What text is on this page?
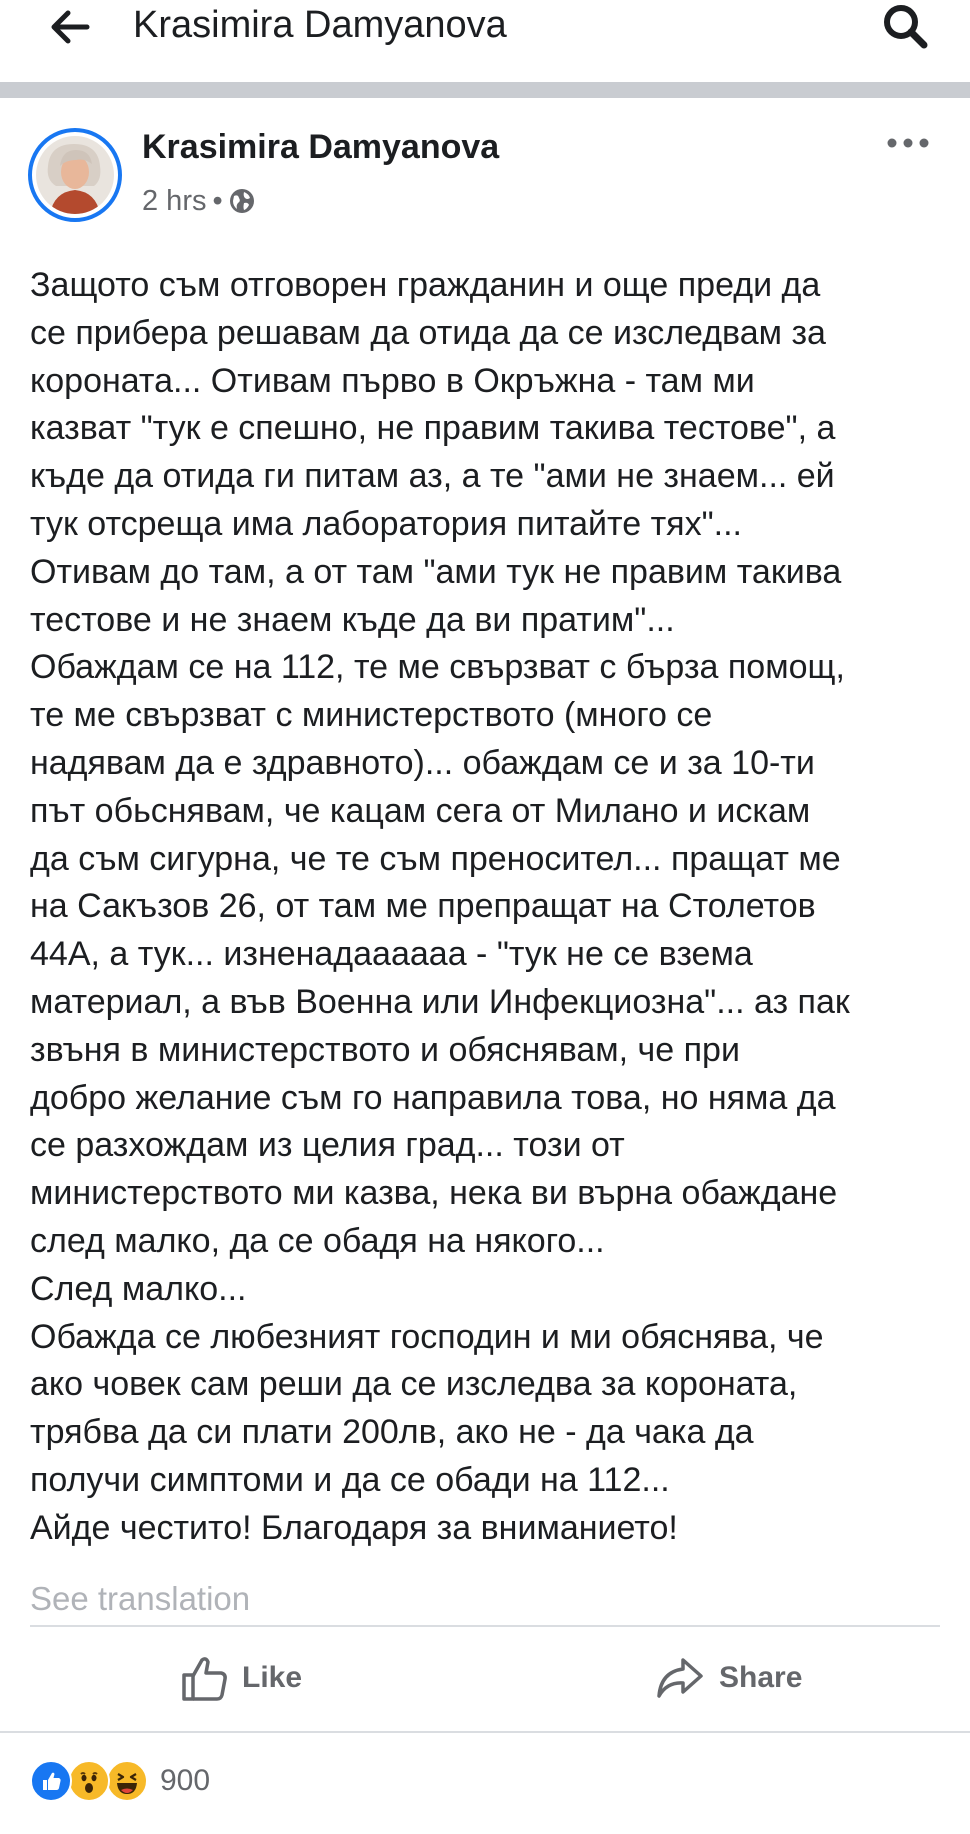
Krasimira Damyanova
Krasimira Damyanova
2 hrs •
Защото съм отговорен гражданин и още преди да
се прибера решавам да отида да се изследвам за
короната... Отивам първо в Окръжна - там ми
казват "тук е спешно, не правим такива тестове", а
къде да отида ги питам аз, а те "ами не знаем... ей
тук отсреща има лаборатория питайте тях"...
Отивам до там, а от там "ами тук не правим такива
тестове и не знаем къде да ви пратим"...
Обаждам се на 112, те ме свързват с бърза помощ,
те ме свързват с министерството (много се
надявам да е здравното)... обаждам се и за 10-ти
път обьснявам, че кацам сега от Милано и искам
да съм сигурна, че те съм преносител... пращат ме
на Сакъзов 26, от там ме препращат на Столетов
44А, а тук... изненадаааааа - "тук не се взема
материал, а във Военна или Инфекциозна"... аз пак
звъня в министерството и обяснявам, че при
добро желание съм го направила това, но няма да
се разхождам из целия град... този от
министерството ми казва, нека ви върна обаждане
след малко, да се обадя на някого...
След малко...
Обажда се любезният господин и ми обяснява, че
ако човек сам реши да се изследва за короната,
трябва да си плати 200лв, ако не - да чака да
получи симптоми и да се обади на 112...
Айде честито! Благодаря за вниманието!
See translation
Like	Share
900
